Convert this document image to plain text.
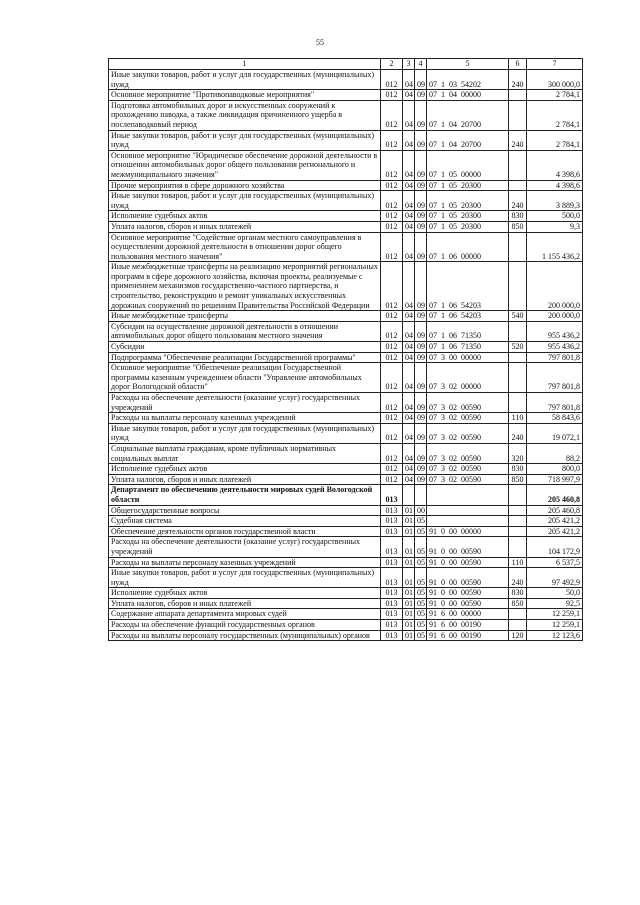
55
1	2	3	4	5	6	7
Иные закупки товаров, работ и услуг для государственных (муниципальных) нужд	012	04	09	07  1  03  54202	240	300 000,0
Основное мероприятие "Противопаводковые мероприятия"	012	04	09	07  1  04  00000		2 784,1
Подготовка автомобильных дорог и искусственных сооружений к прохождению паводка, а также ликвидация причиненного ущерба в послепаводковый период	012	04	09	07  1  04  20700		2 784,1
Иные закупки товаров, работ и услуг для государственных (муниципальных) нужд	012	04	09	07  1  04  20700	240	2 784,1
Основное мероприятие "Юридическое обеспечение дорожной деятельности в отношении автомобильных дорог общего пользования регионального и межмуниципального значения"	012	04	09	07  1  05  00000		4 398,6
Прочие мероприятия в сфере дорожного хозяйства	012	04	09	07  1  05  20300		4 398,6
Иные закупки товаров, работ и услуг для государственных (муниципальных) нужд	012	04	09	07  1  05  20300	240	3 889,3
Исполнение судебных актов	012	04	09	07  1  05  20300	830	500,0
Уплата налогов, сборов и иных платежей	012	04	09	07  1  05  20300	850	9,3
Основное мероприятие "Содействие органам местного самоуправления в осуществлении дорожной деятельности в отношении дорог общего пользования местного значения"	012	04	09	07  1  06  00000		1 155 436,2
Иные межбюджетные трансферты на реализацию мероприятий региональных программ в сфере дорожного хозяйства, включая проекты, реализуемые с применением механизмов государственно-частного партнерства, и строительство, реконструкцию и ремонт уникальных искусственных дорожных сооружений по решениям Правительства Российской Федерации	012	04	09	07  1  06  54203		200 000,0
Иные межбюджетные трансферты	012	04	09	07  1  06  54203	540	200 000,0
Субсидии на осуществление дорожной деятельности в отношении автомобильных дорог общего пользования местного значения	012	04	09	07  1  06  71350		955 436,2
Субсидии	012	04	09	07  1  06  71350	520	955 436,2
Подпрограмма "Обеспечение реализации Государственной программы"	012	04	09	07  3  00  00000		797 801,8
Основное мероприятие "Обеспечение реализации Государственной программы казенным учреждением области "Управление автомобильных дорог Вологодской области"	012	04	09	07  3  02  00000		797 801,8
Расходы на обеспечение деятельности (оказание услуг) государственных учреждений	012	04	09	07  3  02  00590		797 801,8
Расходы на выплаты персоналу казенных учреждений	012	04	09	07  3  02  00590	110	58 843,6
Иные закупки товаров, работ и услуг для государственных (муниципальных) нужд	012	04	09	07  3  02  00590	240	19 072,1
Социальные выплаты гражданам, кроме публичных нормативных социальных выплат	012	04	09	07  3  02  00590	320	88,2
Исполнение судебных актов	012	04	09	07  3  02  00590	830	800,0
Уплата налогов, сборов и иных платежей	012	04	09	07  3  02  00590	850	718 997,9
Департамент по обеспечению деятельности мировых судей Вологодской области	013					205 460,8
Общегосударственные вопросы	013	01	00			205 460,8
Судебная система	013	01	05			205 421,2
Обеспечение деятельности органов государственной власти	013	01	05	91  0  00  00000		205 421,2
Расходы на обеспечение деятельности (оказание услуг) государственных учреждений	013	01	05	91  0  00  00590		104 172,9
Расходы на выплаты персоналу казенных учреждений	013	01	05	91  0  00  00590	110	6 537,5
Иные закупки товаров, работ и услуг для государственных (муниципальных) нужд	013	01	05	91  0  00  00590	240	97 492,9
Исполнение судебных актов	013	01	05	91  0  00  00590	830	50,0
Уплата налогов, сборов и иных платежей	013	01	05	91  0  00  00590	850	92,5
Содержание аппарата департамента мировых судей	013	01	05	91  6  00  00000		12 259,1
Расходы на обеспечение функций государственных органов	013	01	05	91  6  00  00190		12 259,1
Расходы на выплаты персоналу государственных (муниципальных) органов	013	01	05	91  6  00  00190	120	12 123,6
